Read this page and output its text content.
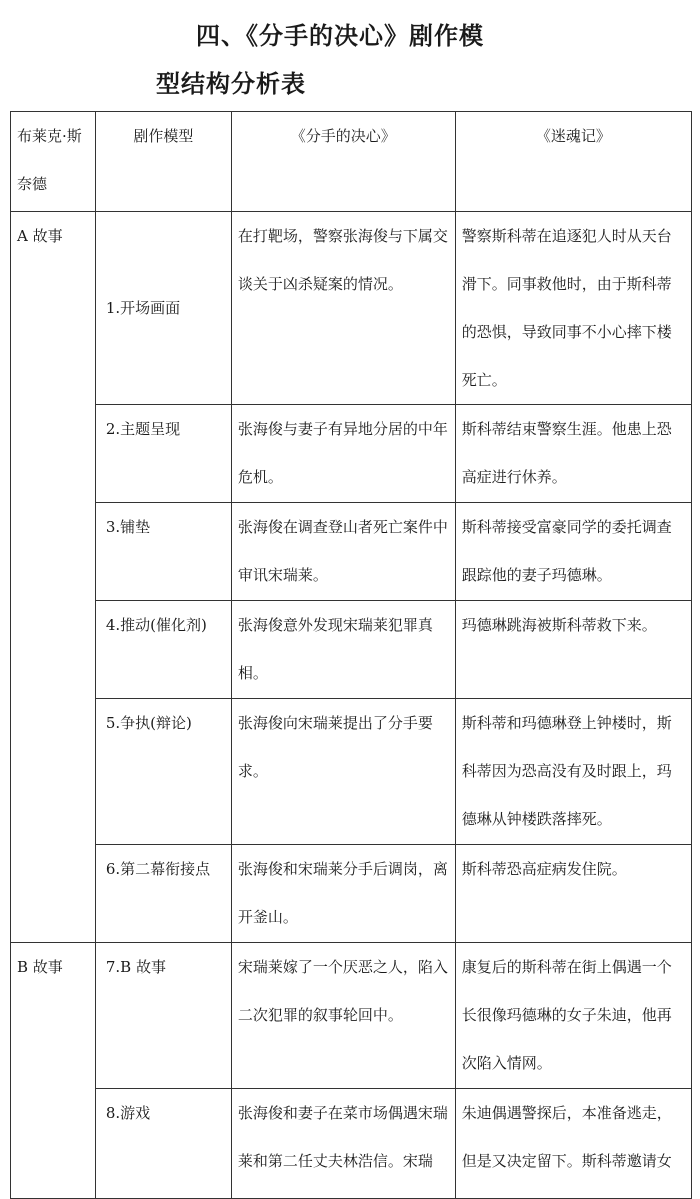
四、《分手的决心》剧作模
型结构分析表
布莱克·斯奈德	剧作模型	《分手的决心》	《迷魂记》
A 故事	1.开场画面	在打靶场，警察张海俊与下属交谈关于凶杀疑案的情况。	警察斯科蒂在追逐犯人时从天台滑下。同事救他时，由于斯科蒂的恐惧，导致同事不小心摔下楼死亡。
	2.主题呈现	张海俊与妻子有异地分居的中年危机。	斯科蒂结束警察生涯。他患上恐高症进行休养。
	3.铺垫	张海俊在调查登山者死亡案件中审讯宋瑞莱。	斯科蒂接受富豪同学的委托调查跟踪他的妻子玛德琳。
	4.推动(催化剂)	张海俊意外发现宋瑞莱犯罪真相。	玛德琳跳海被斯科蒂救下来。
	5.争执(辩论)	张海俊向宋瑞莱提出了分手要求。	斯科蒂和玛德琳登上钟楼时，斯科蒂因为恐高没有及时跟上，玛德琳从钟楼跌落摔死。
	6.第二幕衔接点	张海俊和宋瑞莱分手后调岗，离开釜山。	斯科蒂恐高症病发住院。
B 故事	7.B 故事	宋瑞莱嫁了一个厌恶之人，陷入二次犯罪的叙事轮回中。	康复后的斯科蒂在街上偶遇一个长很像玛德琳的女子朱迪，他再次陷入情网。
	8.游戏	张海俊和妻子在菜市场偶遇宋瑞莱和第二任丈夫林浩信。宋瑞	朱迪偶遇警探后，本准备逃走，但是又决定留下。斯科蒂邀请女
